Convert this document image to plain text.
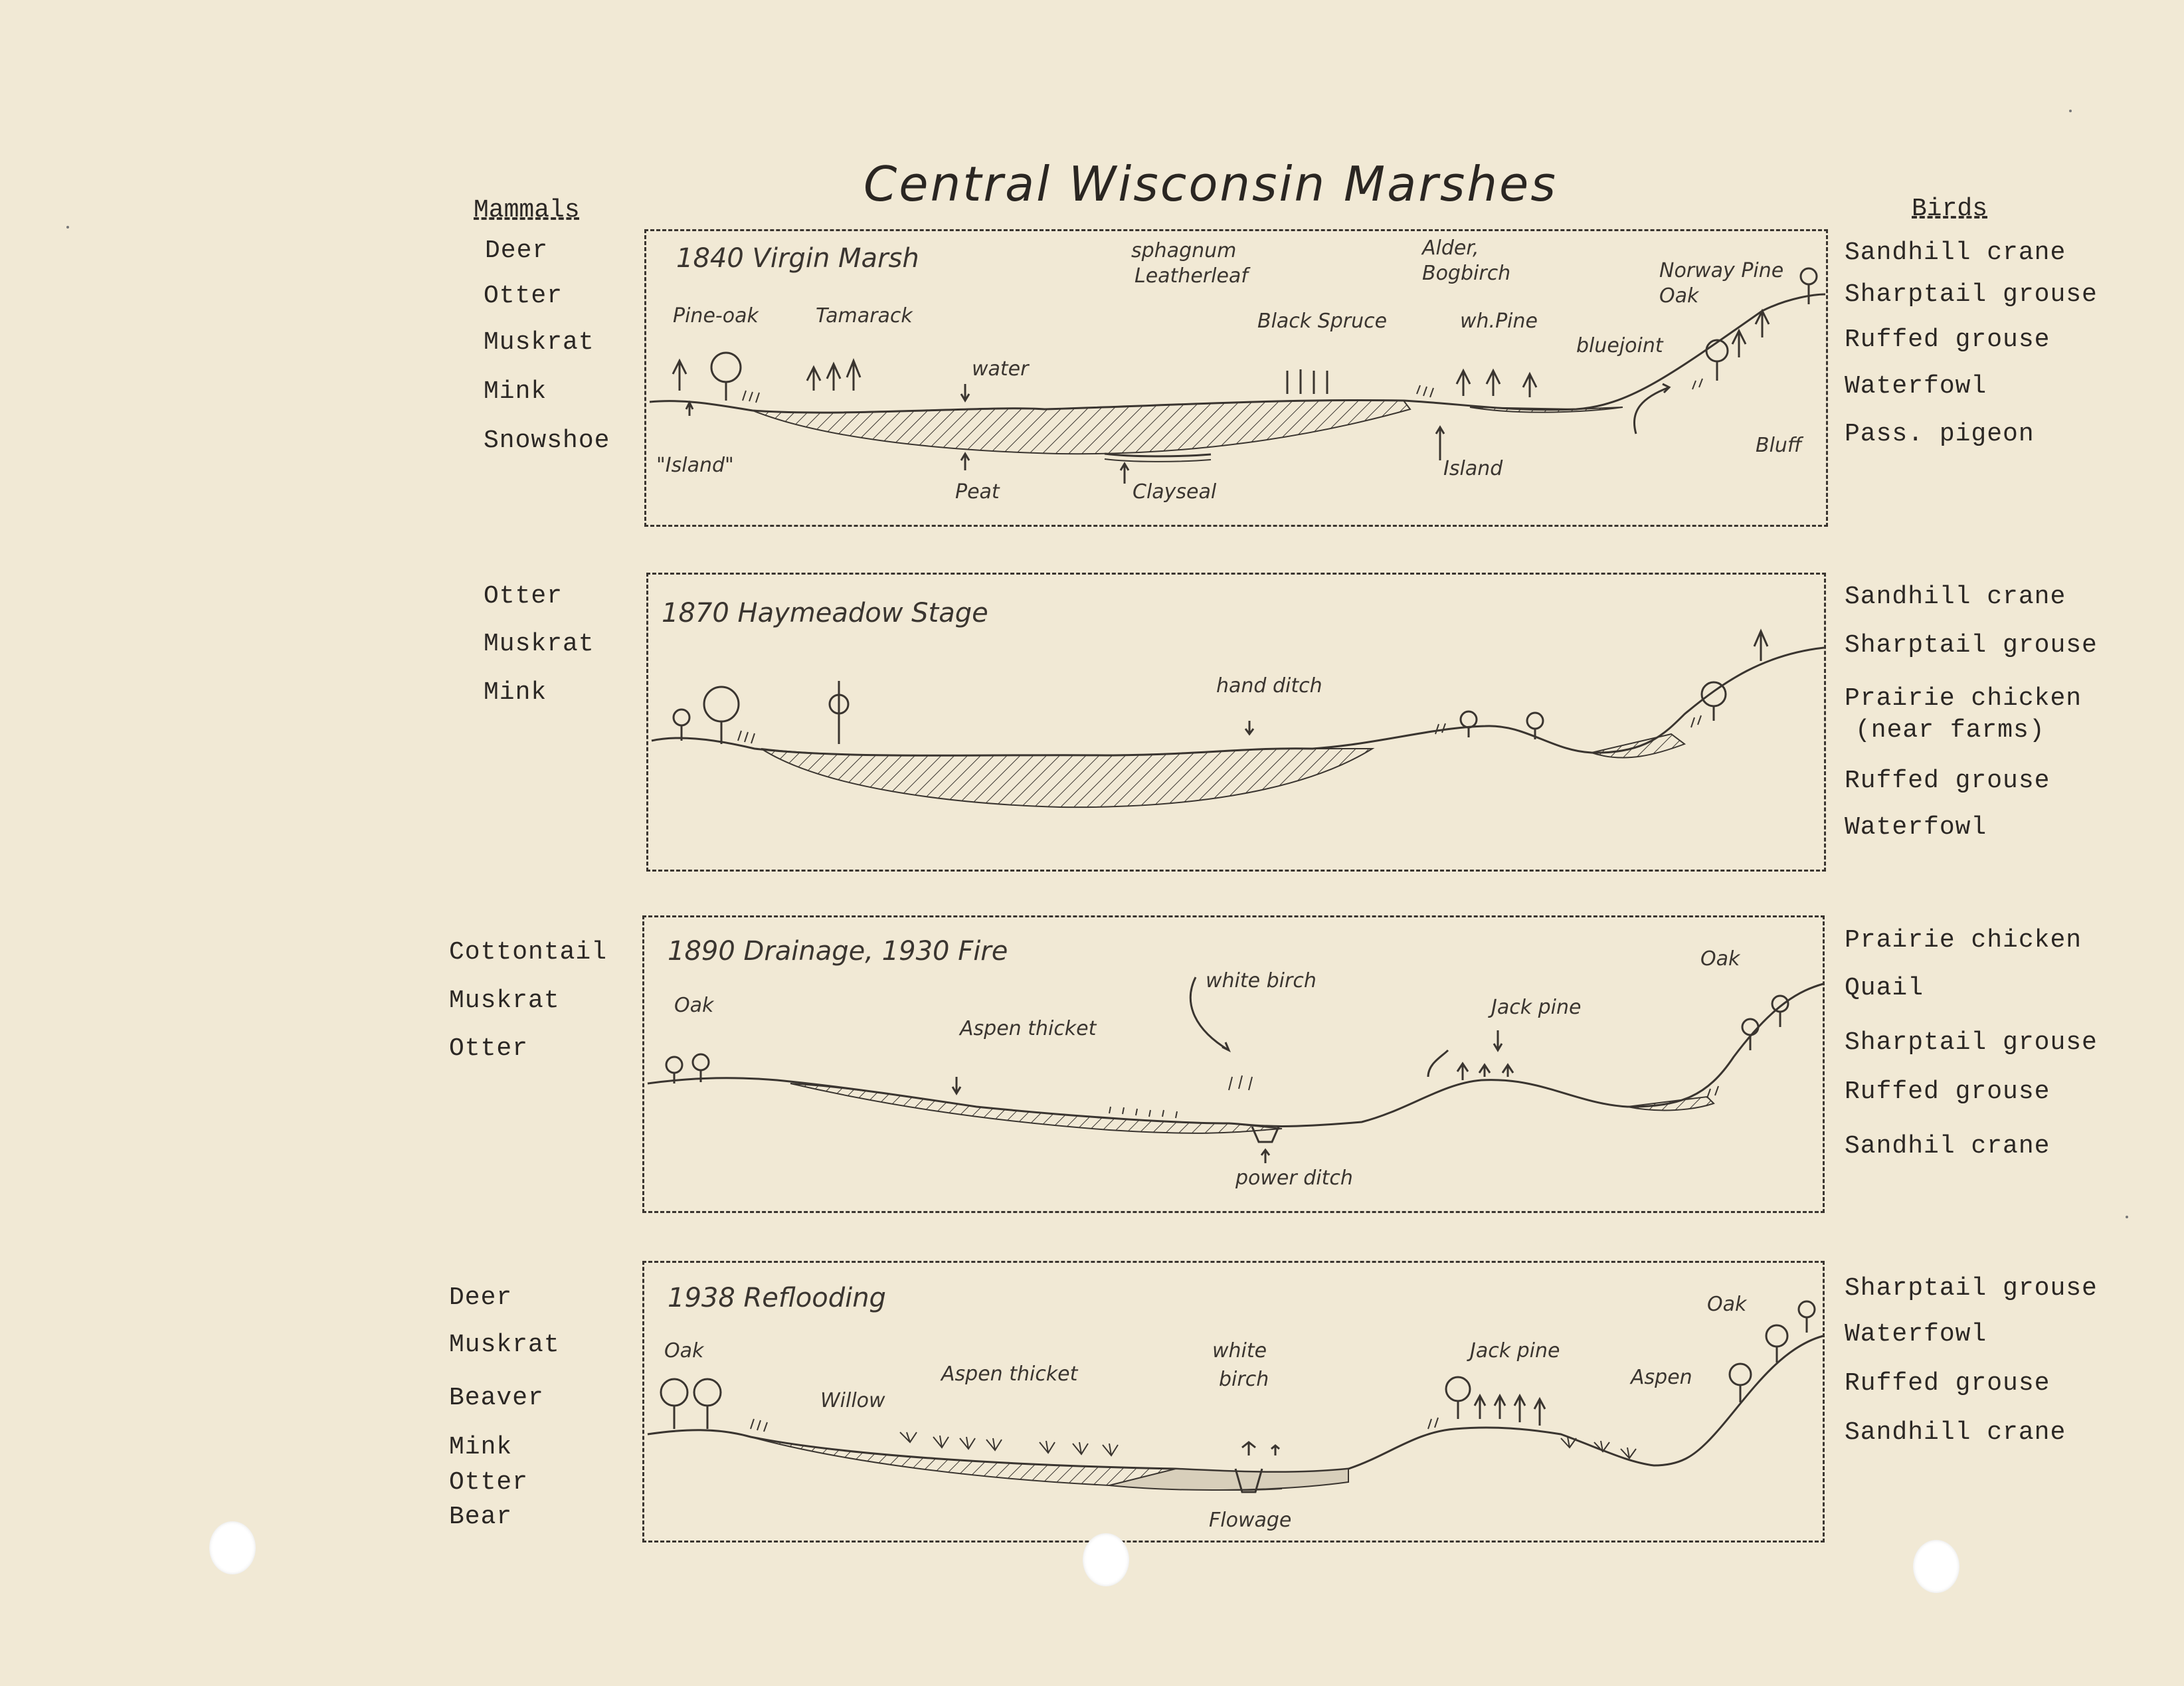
Central Wisconsin Marshes
Mammals	Birds
Deer
Otter
Muskrat
Mink
Snowshoe
Sandhill crane
Sharptail grouse
Ruffed grouse
Waterfowl
Pass. pigeon
1840 Virgin Marsh
Pine-oak	Tamarack
water
sphagnum
Leatherleaf
Black Spruce
Alder,
Bogbirch
wh.Pine
bluejoint
Norway Pine
Oak
"Island"
Peat	Clayseal
Island
Bluff
Otter
Muskrat
Mink
Sandhill crane
Sharptail grouse
Prairie chicken
(near farms)
Ruffed grouse
Waterfowl
1870 Haymeadow Stage
hand ditch
Cottontail
Muskrat
Otter
Prairie chicken
Quail
Sharptail grouse
Ruffed grouse
Sandhil crane
1890 Drainage, 1930 Fire
Oak
Aspen thicket
white birch
Jack pine
Oak
power ditch
Deer
Muskrat
Beaver
Mink
Otter
Bear
Sharptail grouse
Waterfowl
Ruffed grouse
Sandhill crane
1938 Reflooding
Oak
Willow
Aspen thicket
white
birch
Jack pine
Aspen
Oak
Flowage
